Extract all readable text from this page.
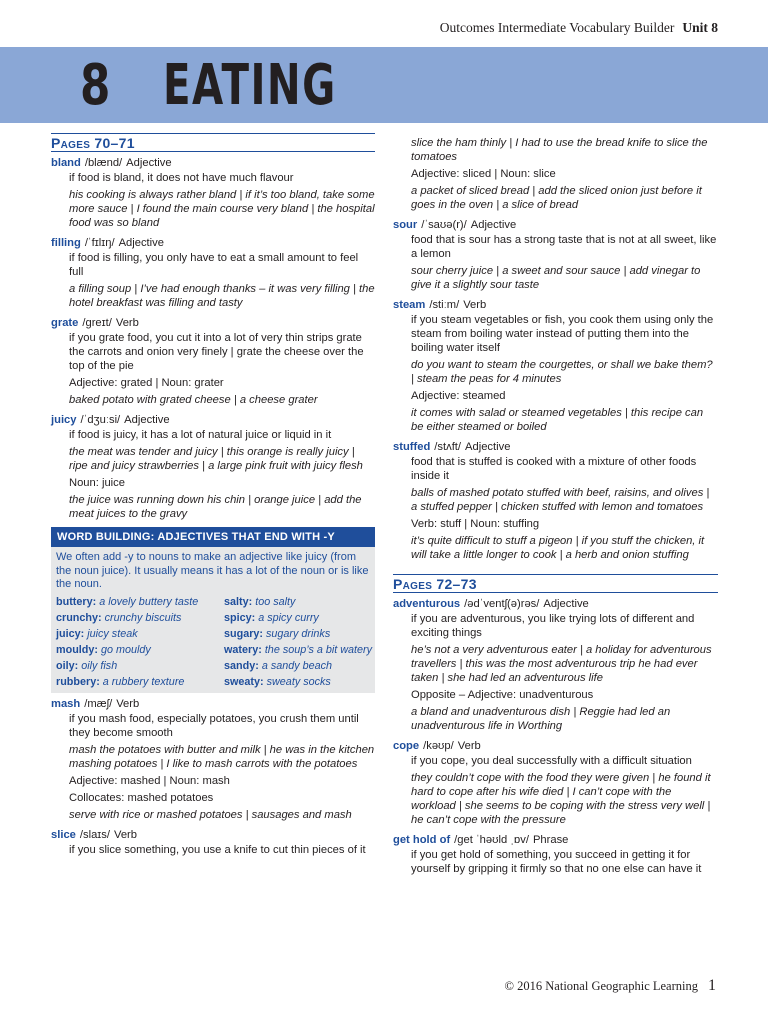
Outcomes Intermediate Vocabulary Builder Unit 8
8 EATING
Pages 70–71
bland /blænd/ Adjective
if food is bland, it does not have much flavour
his cooking is always rather bland | if it’s too bland, take some more sauce | I found the main course very bland | the hospital food was so bland
filling /ˈfɪlɪŋ/ Adjective
if food is filling, you only have to eat a small amount to feel full
a filling soup | I’ve had enough thanks – it was very filling | the hotel breakfast was filling and tasty
grate /greɪt/ Verb
if you grate food, you cut it into a lot of very thin strips grate the carrots and onion very finely | grate the cheese over the top of the pie
Adjective: grated | Noun: grater
baked potato with grated cheese | a cheese grater
juicy /ˈdʒuːsi/ Adjective
if food is juicy, it has a lot of natural juice or liquid in it
the meat was tender and juicy | this orange is really juicy | ripe and juicy strawberries | a large pink fruit with juicy flesh
Noun: juice
the juice was running down his chin | orange juice | add the meat juices to the gravy
WORD BUILDING: ADJECTIVES THAT END WITH -Y
We often add -y to nouns to make an adjective like juicy (from the noun juice). It usually means it has a lot of the noun or is like the noun.
buttery: a lovely buttery taste	salty: too salty
crunchy: crunchy biscuits	spicy: a spicy curry
juicy: juicy steak	sugary: sugary drinks
mouldy: go mouldy	watery: the soup’s a bit watery
oily: oily fish	sandy: a sandy beach
rubbery: a rubbery texture	sweaty: sweaty socks
mash /mæʃ/ Verb
if you mash food, especially potatoes, you crush them until they become smooth
mash the potatoes with butter and milk | he was in the kitchen mashing potatoes | I like to mash carrots with the potatoes
Adjective: mashed | Noun: mash
Collocates: mashed potatoes
serve with rice or mashed potatoes | sausages and mash
slice /slaɪs/ Verb
if you slice something, you use a knife to cut thin pieces of it
slice the ham thinly | I had to use the bread knife to slice the tomatoes
Adjective: sliced | Noun: slice
a packet of sliced bread | add the sliced onion just before it goes in the oven | a slice of bread
sour /ˈsaʊə(r)/ Adjective
food that is sour has a strong taste that is not at all sweet, like a lemon
sour cherry juice | a sweet and sour sauce | add vinegar to give it a slightly sour taste
steam /stiːm/ Verb
if you steam vegetables or fish, you cook them using only the steam from boiling water instead of putting them into the boiling water itself
do you want to steam the courgettes, or shall we bake them? | steam the peas for 4 minutes
Adjective: steamed
it comes with salad or steamed vegetables | this recipe can be either steamed or boiled
stuffed /stʌft/ Adjective
food that is stuffed is cooked with a mixture of other foods inside it
balls of mashed potato stuffed with beef, raisins, and olives | a stuffed pepper | chicken stuffed with lemon and tomatoes
Verb: stuff | Noun: stuffing
it’s quite difficult to stuff a pigeon | if you stuff the chicken, it will take a little longer to cook | a herb and onion stuffing
Pages 72–73
adventurous /ədˈventʃ(ə)rəs/ Adjective
if you are adventurous, you like trying lots of different and exciting things
he’s not a very adventurous eater | a holiday for adventurous travellers | this was the most adventurous trip he had ever taken | she had led an adventurous life
Opposite – Adjective: unadventurous
a bland and unadventurous dish | Reggie had led an unadventurous life in Worthing
cope /kəʊp/ Verb
if you cope, you deal successfully with a difficult situation
they couldn’t cope with the food they were given | he found it hard to cope after his wife died | I can’t cope with the workload | she seems to be coping with the stress very well | he can’t cope with the pressure
get hold of /get ˈhəʊld ˌɒv/ Phrase
if you get hold of something, you succeed in getting it for yourself by gripping it firmly so that no one else can have it
© 2016 National Geographic Learning 1
